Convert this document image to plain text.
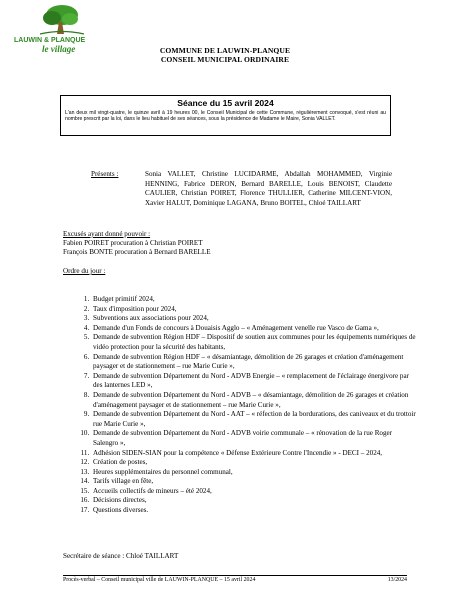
LAUWIN & PLANQUE
le village	COMMUNE DE LAUWIN-PLANQUE
CONSEIL MUNICIPAL ORDINAIRE
Séance du 15 avril 2024
L'an deux mil vingt-quatre, le quinze avril à 19 heures 00, le Conseil Municipal de cette Commune, régulièrement convoqué, s'est réuni au nombre prescrit par la loi, dans le lieu habituel de ses séances, sous la présidence de Madame le Maire, Sonia VALLET.
Présents :	Sonia VALLET, Christine LUCIDARME, Abdallah MOHAMMED, Virginie HENNING, Fabrice DERON, Bernard BARELLE, Louis BENOIST, Claudette CAULIER, Christian POIRET, Florence THULLIER, Catherine MILCENT-VION, Xavier HALUT, Dominique LAGANA, Bruno BOITEL, Chloé TAILLART
Excusés ayant donné pouvoir :
Fabien POIRET procuration à Christian POIRET
François BONTE procuration à Bernard BARELLE
Ordre du jour :
1. Budget primitif 2024,
2. Taux d'imposition pour 2024,
3. Subventions aux associations pour 2024,
4. Demande d'un Fonds de concours à Douaisis Agglo – « Aménagement venelle rue Vasco de Gama »,
5. Demande de subvention Région HDF – Dispositif de soutien aux communes pour les équipements numériques de vidéo protection pour la sécurité des habitants,
6. Demande de subvention Région HDF – « désamiantage, démolition de 26 garages et création d'aménagement paysager et de stationnement – rue Marie Curie »,
7. Demande de subvention Département du Nord - ADVB Energie – « remplacement de l'éclairage énergivore par des lanternes LED »,
8. Demande de subvention Département du Nord - ADVB – « désamiantage, démolition de 26 garages et création d'aménagement paysager et de stationnement – rue Marie Curie »,
9. Demande de subvention Département du Nord - AAT – « réfection de la bordurations, des caniveaux et du trottoir rue Marie Curie »,
10. Demande de subvention Département du Nord - ADVB voirie communale – « rénovation de la rue Roger Salengro »,
11. Adhésion SIDEN-SIAN pour la compétence « Défense Extérieure Contre l'Incendie » - DECI – 2024,
12. Création de postes,
13. Heures supplémentaires du personnel communal,
14. Tarifs village en fête,
15. Accueils collectifs de mineurs – été 2024,
16. Décisions directes,
17. Questions diverses.
Secrétaire de séance : Chloé TAILLART
Procès-verbal – Conseil municipal ville de LAUWIN-PLANQUE – 15 avril 2024	13/2024
